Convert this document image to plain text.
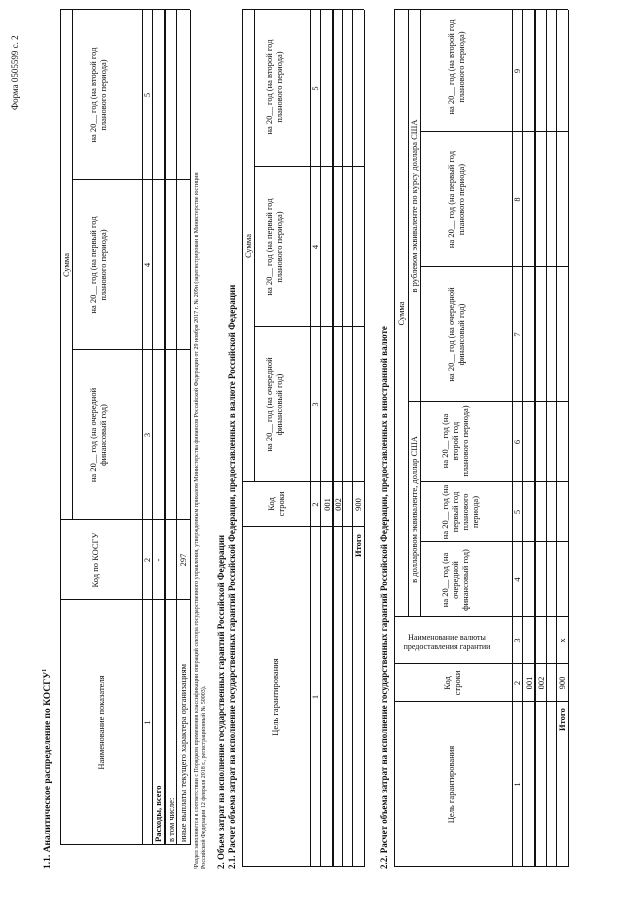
Форма 0505599 с. 2
1.1. Аналитическое распределение по КОСГУ$^1$
Наименование показателя
Код по КОСГУ
Сумма
на 20__ год (на очередной финансовый год)
на 20__ год (на первый год планового периода)
на 20__ год (на второй год планового периода)
1
2
3
4
5
Расходы, всего
-
в том числе: иные выплаты текущего характера организациям
297 ¹Раздел заполняется в соответствии с Порядком применения классификации операций сектора государственного управления, утвержденным приказом Министерства финансов Российской Федерации от 29 ноября 2017 г. № 209н (зарегистрирован в Министерстве юстиции Российской Федерации 12 февраля 2018 г., регистрационный № 50003). 2. Объем затрат на исполнение государственных гарантий Российской Федерации 2.1. Расчет объема затрат на исполнение государственных гарантий Российской Федерации, предоставленных в валюте Российской Федерации	Цель гарантирования
Код строки
Сумма
на 20__ год (на очередной финансовый год)
на 20__ год (на первый год планового периода)
на 20__ год (на второй год планового периода)
1
2
3
4
5
001 002
Итого
900 2.2. Расчет объема затрат на исполнение государственных гарантий Российской Федерации, предоставленных в иностранной валюте	Цель гарантирования
Код строки
Наименование валюты предоставления гарантии
Сумма
в долларовом эквиваленте, доллар США
в рублевом эквиваленте по курсу доллара США
на 20__ год (на очередной финансовый год)
на 20__ год (на первый год планового периода)
на 20__ год (на второй год планового периода)
на 20__ год (на очередной финансовый год)
на 20__ год (на первый год планового периода)
на 20__ год (на второй год планового периода)
1
2
3
4
5
6
7
8
9
001 002
Итого
900
x
